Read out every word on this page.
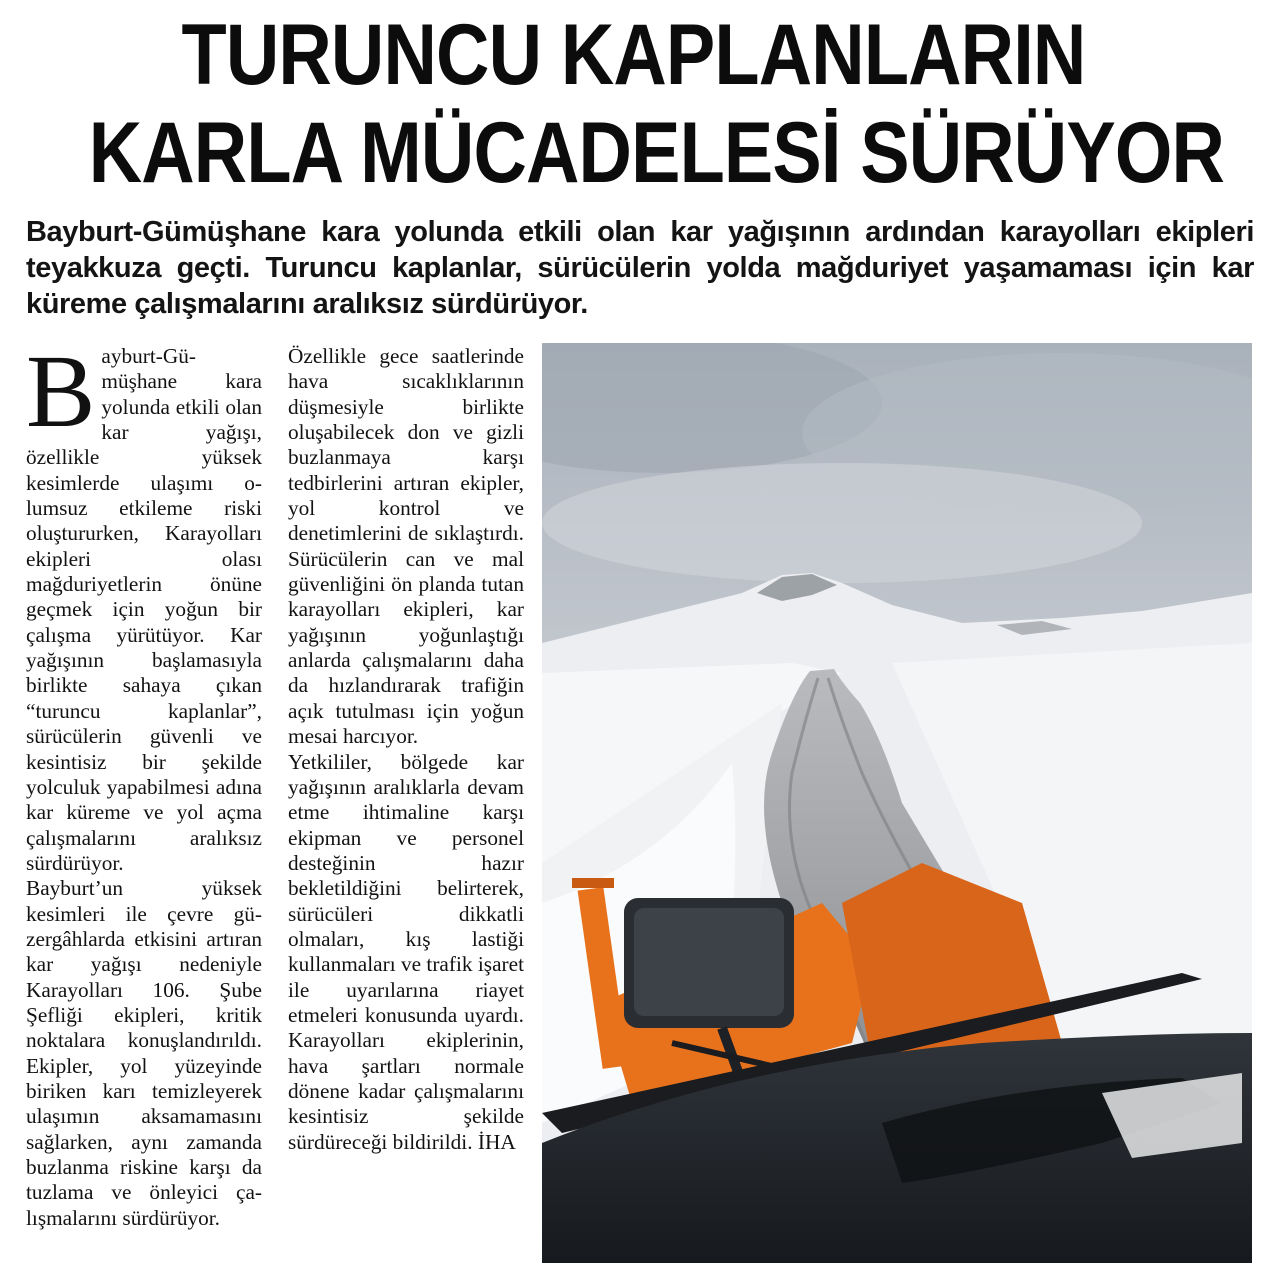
TURUNCU KAPLANLARIN
KARLA MÜCADELESİ SÜRÜYOR

Bayburt-Gümüşhane kara yolunda etkili olan kar yağışının ardından karayolları ekipleri teyakkuza geçti. Turuncu kaplanlar, sürücülerin yolda mağduriyet yaşamaması için kar küreme çalışmalarını aralıksız sürdürüyor.

B ayburt-Gümüşhane kara yolunda etkili olan kar yağışı, özellikle yüksek kesimlerde ulaşımı olumsuz etkileme riski oluştururken, Karayolları ekipleri olası mağduriyetlerin önüne geçmek için yoğun bir çalışma yürütüyor. Kar yağışının başlamasıyla birlikte sahaya çıkan “turuncu kaplanlar”, sürücülerin güvenli ve kesintisiz bir şekilde yolculuk yapabilmesi adına kar küreme ve yol açma çalışmalarını aralıksız sürdürüyor.

Bayburt’un yüksek kesimleri ile çevre güzergâhlarda etkisini artıran kar yağışı nedeniyle Karayolları 106. Şube Şefliği ekipleri, kritik noktalara konuşlandırıldı. Ekipler, yol yüzeyinde biriken karı temizleyerek ulaşımın aksamamasını sağlarken, aynı zamanda buzlanma riskine karşı da tuzlama ve önleyici çalışmalarını sürdürüyor.

Özellikle gece saatlerinde hava sıcaklıklarının düşmesiyle birlikte oluşabilecek don ve gizli buzlanmaya karşı tedbirlerini artıran ekipler, yol kontrol ve denetimlerini de sıklaştırdı. Sürücülerin can ve mal güvenliğini ön planda tutan karayolları ekipleri, kar yağışının yoğunlaştığı anlarda çalışmalarını daha da hızlandırarak trafiğin açık tutulması için yoğun mesai harcıyor.

Yetkililer, bölgede kar yağışının aralıklarla devam etme ihtimaline karşı ekipman ve personel desteğinin hazır bekletildiğini belirterek, sürücüleri dikkatli olmaları, kış lastiği kullanmaları ve trafik işaret ile uyarılarına riayet etmeleri konusunda uyardı. Karayolları ekiplerinin, hava şartları normale dönene kadar çalışmalarını kesintisiz şekilde sürdüreceği bildirildi. İHA
